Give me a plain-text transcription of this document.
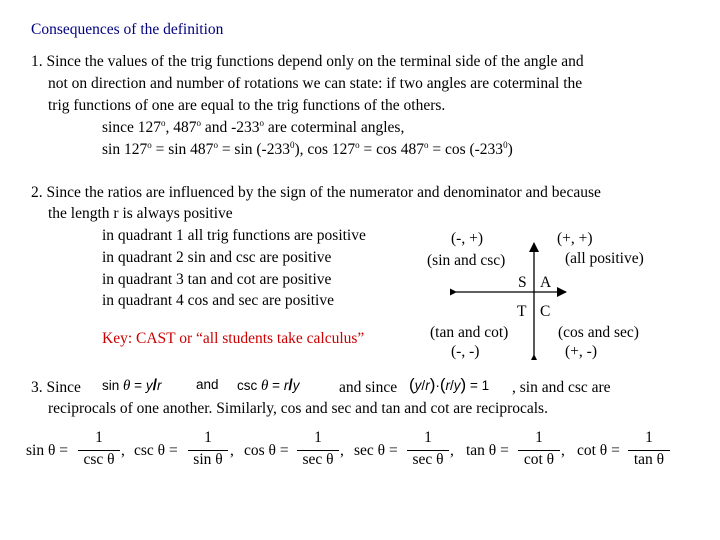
Consequences of the definition
1. Since the values of the trig functions depend only on the terminal side of the angle and
not on direction and number of rotations we can state: if two angles are coterminal the
trig functions of one are equal to the trig functions of the others.
since 127$^o$, 487$^o$ and -233$^o$ are coterminal angles,
$\sin 127^o = \sin 487^o = \sin (-233^0)$, $\cos 127^o = \cos 487^o = \cos (-233^0)$
2. Since the ratios are influenced by the sign of the numerator and denominator and because
the length r is always positive
in quadrant 1 all trig functions are positive
in quadrant 2 sin and csc are positive
in quadrant 3 tan and cot are positive
in quadrant 4 cos and sec are positive
Key: CAST or “all students take calculus”
(-, +)
(sin and csc)
(+, +)
(all positive)
S A
T C
(tan and cot)
(-, -)
(cos and sec)
(+, -)
3. Since sin θ = y/r	and csc θ = r/y	and since (y/r)·(r/y) = 1 , sin and csc are
reciprocals of one another. Similarly, cos and sec and tan and cot are reciprocals.
sin θ =
1
csc θ
, csc θ =
1
sin θ
, cos θ =
1
sec θ
, sec θ =
1
sec θ
, tan θ =
1
cot θ
, cot θ =
1
tan θ
